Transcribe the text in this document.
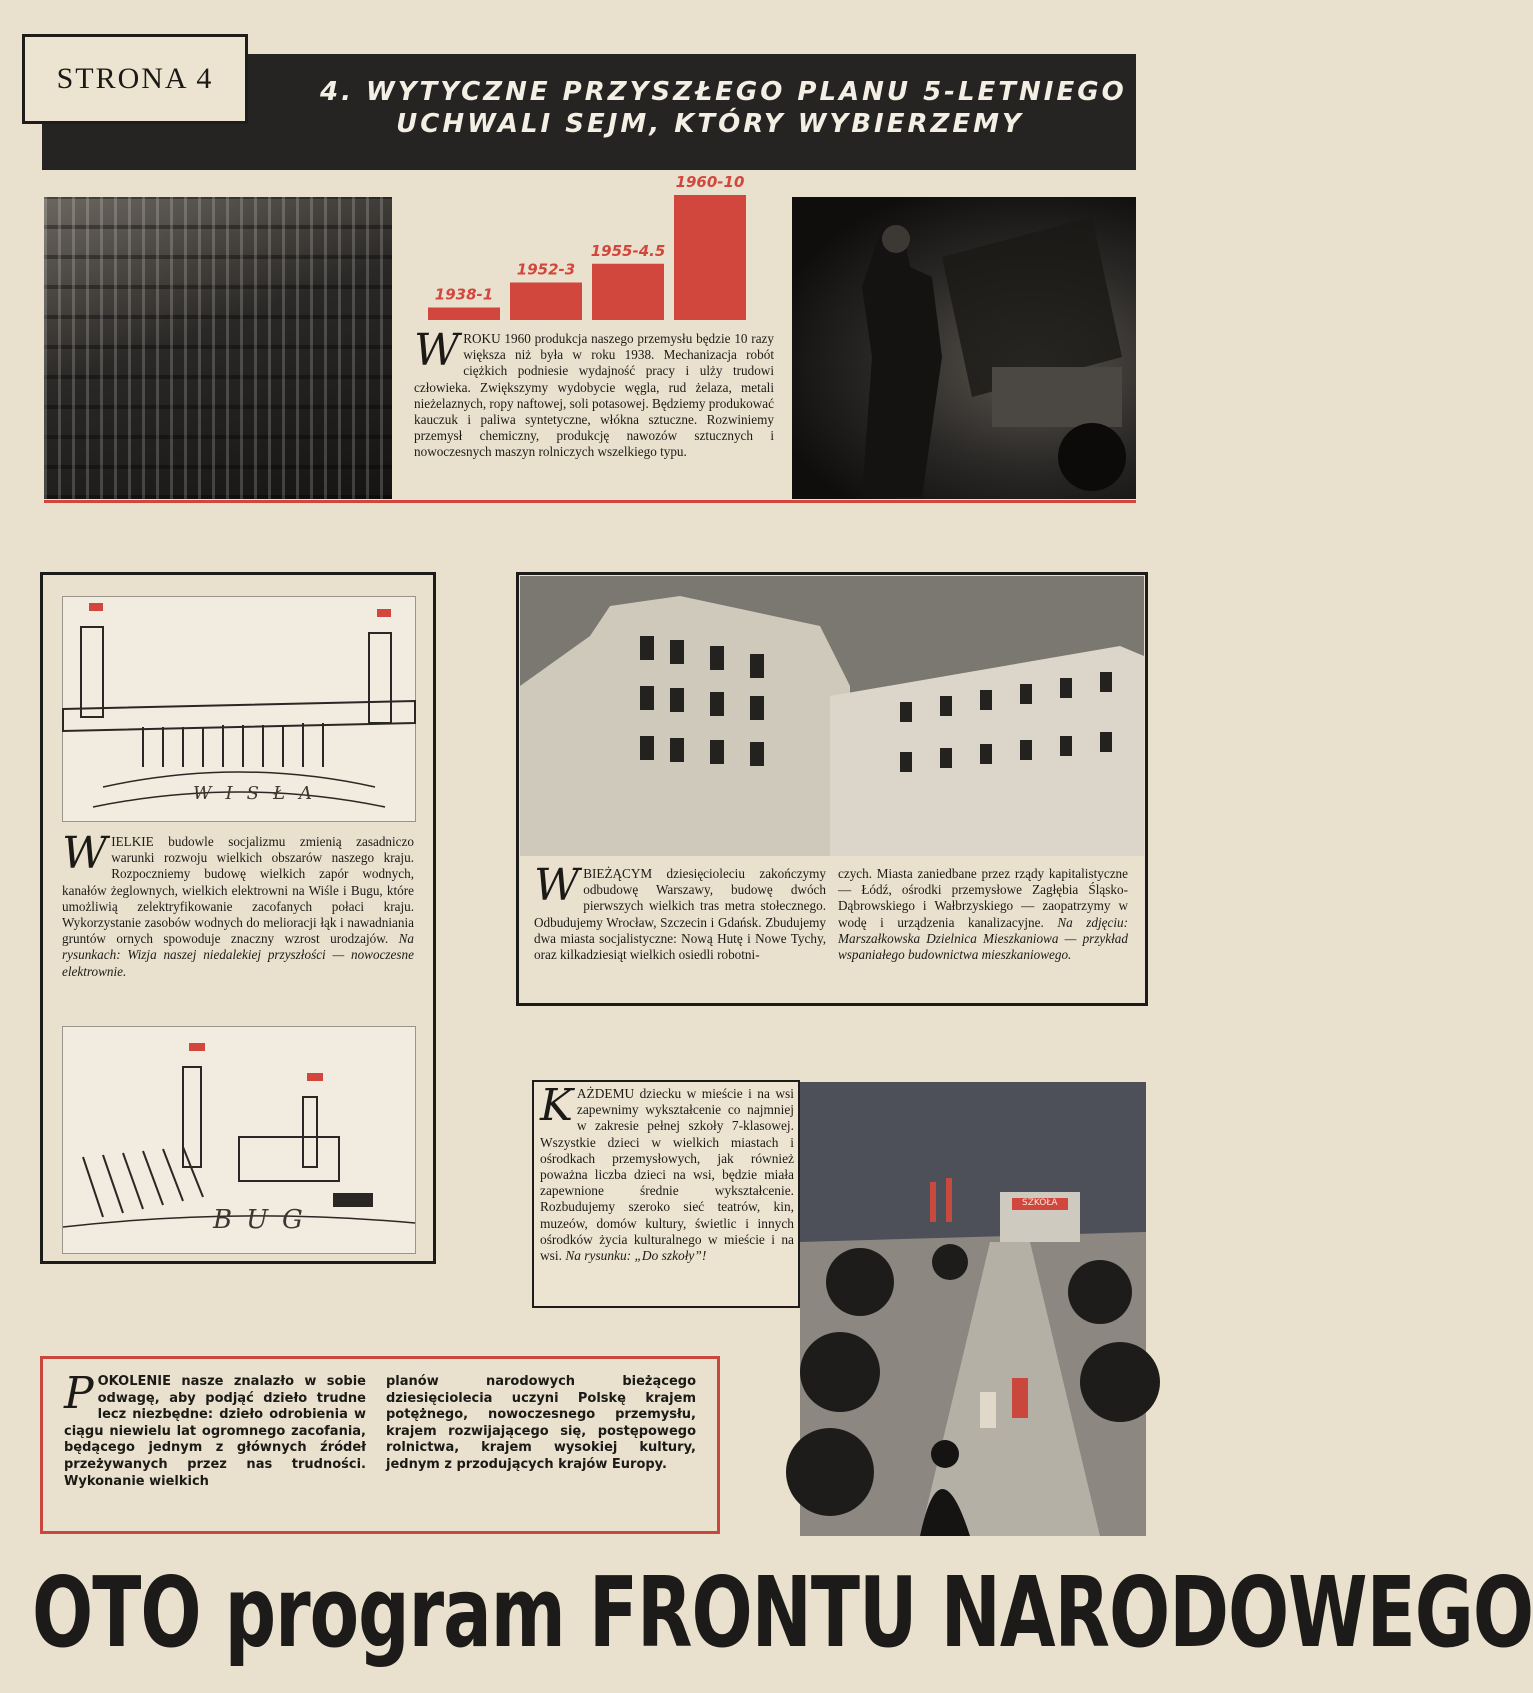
STRONA 4	4. WYTYCZNE PRZYSZŁEGO PLANU 5-LETNIEGO
UCHWALI SEJM, KTÓRY WYBIERZEMY
1938-1
1952-3
1955-4.5
1960-10
WROKU 1960 produkcja naszego przemysłu będzie 10 razy większa niż była w roku 1938. Mechanizacja robót ciężkich podniesie wydajność pracy i ulży trudowi człowieka. Zwiększymy wydobycie węgla, rud żelaza, metali nieżelaznych, ropy naftowej, soli potasowej. Będziemy produkować kauczuk i paliwa syntetyczne, włókna sztuczne. Rozwiniemy przemysł chemiczny, produkcję nawozów sztucznych i nowoczesnych maszyn rolniczych wszelkiego typu.
WISŁA
WIELKIE budowle socjalizmu zmienią zasadniczo warunki rozwoju wielkich obszarów naszego kraju. Rozpoczniemy budowę wielkich zapór wodnych, kanałów żeglownych, wielkich elektrowni na Wiśle i Bugu, które umożliwią zelektryfikowanie zacofanych połaci kraju. Wykorzystanie zasobów wodnych do melioracji łąk i nawadniania gruntów ornych spowoduje znaczny wzrost urodzajów. Na rysunkach: Wizja naszej niedalekiej przyszłości — nowoczesne elektrownie.
BUG
WBIEŻĄCYM dziesięcioleciu zakończymy odbudowę Warszawy, budowę dwóch pierwszych wielkich tras metra stołecznego. Odbudujemy Wrocław, Szczecin i Gdańsk. Zbudujemy dwa miasta socjalistyczne: Nową Hutę i Nowe Tychy, oraz kilkadziesiąt wielkich osiedli robotni-
czych. Miasta zaniedbane przez rządy kapitalistyczne — Łódź, ośrodki przemysłowe Zagłębia Śląsko-Dąbrowskiego i Wałbrzyskiego — zaopatrzymy w wodę i urządzenia kanalizacyjne. Na zdjęciu: Marszałkowska Dzielnica Mieszkaniowa — przykład wspaniałego budownictwa mieszkaniowego.
SZKOŁA
KAŻDEMU dziecku w mieście i na wsi zapewnimy wykształcenie co najmniej w zakresie pełnej szkoły 7-klasowej. Wszystkie dzieci w wielkich miastach i ośrodkach przemysłowych, jak również poważna liczba dzieci na wsi, będzie miała zapewnione średnie wykształcenie. Rozbudujemy szeroko sieć teatrów, kin, muzeów, domów kultury, świetlic i innych ośrodków życia kulturalnego w mieście i na wsi. Na rysunku: „Do szkoły”!
POKOLENIE nasze znalazło w sobie odwagę, aby podjąć dzieło trudne lecz niezbędne: dzieło odrobienia w ciągu niewielu lat ogromnego zacofania, będącego jednym z głównych źródeł przeżywanych przez nas trudności. Wykonanie wielkich
planów narodowych bieżącego dziesięciolecia uczyni Polskę krajem potężnego, nowoczesnego przemysłu, krajem rozwijającego się, postępowego rolnictwa, krajem wysokiej kultury, jednym z przodujących krajów Europy.
OTO program FRONTU NARODOWEGO
